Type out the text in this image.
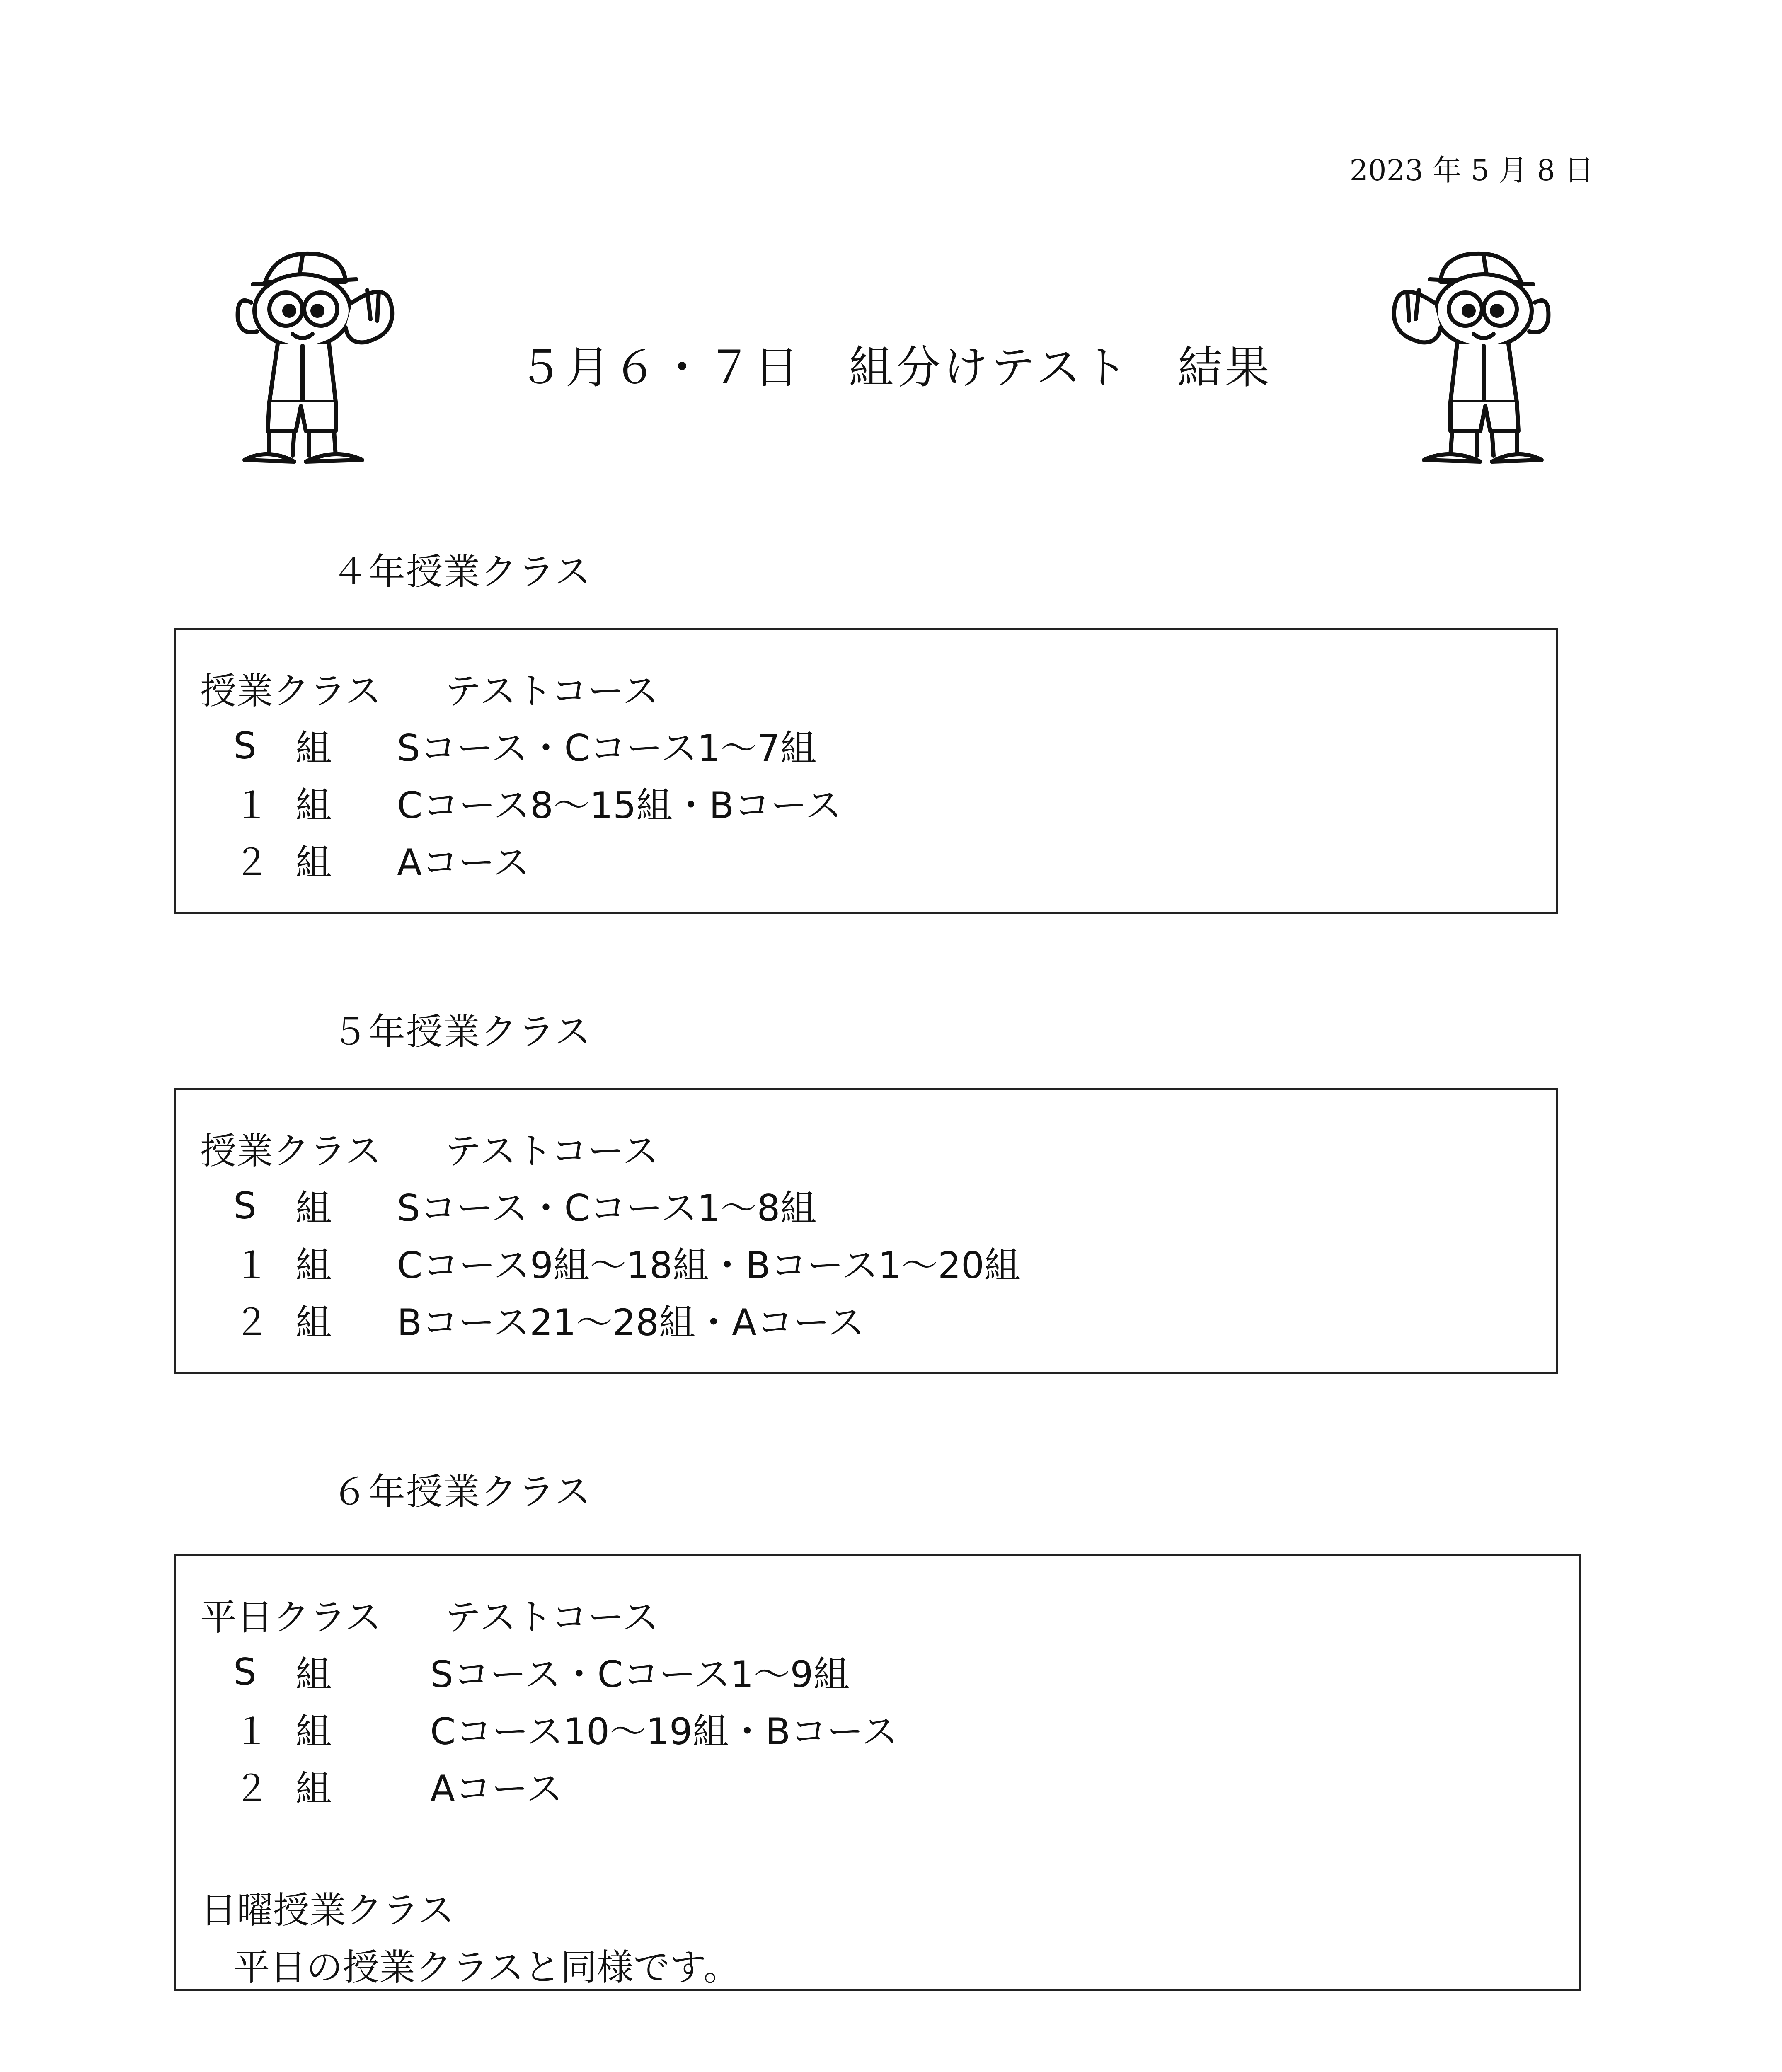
2023 年 5 月 8 日
５月６・７日　組分けテスト　結果
４年授業クラス
授業クラス	テストコース
S	組	Sコース・Cコース1〜7組
１ 組	Cコース8〜15組・Bコース
２ 組	Aコース
５年授業クラス
授業クラス	テストコース
S	組	Sコース・Cコース1〜8組
１ 組	Cコース9組〜18組・Bコース1〜20組
２ 組	Bコース21〜28組・Aコース
６年授業クラス
平日クラス	テストコース
S	組	Sコース・Cコース1〜9組
１ 組	Cコース10〜19組・Bコース
２ 組	Aコース
日曜授業クラス
平日の授業クラスと同様です。
